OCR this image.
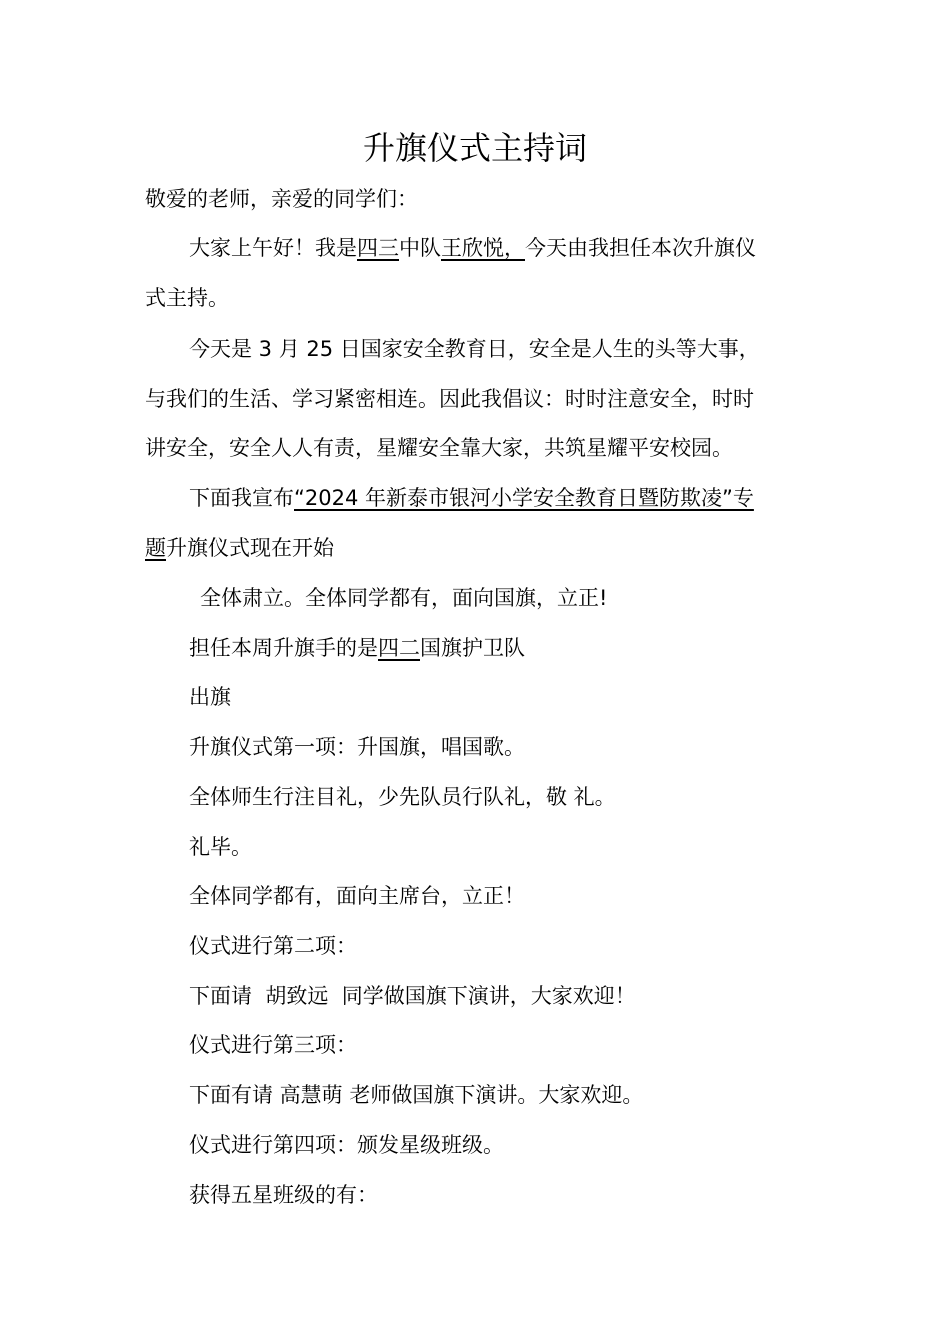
升旗仪式主持词
敬爱的老师，亲爱的同学们：
大家上午好！我是四三中队王欣悦，今天由我担任本次升旗仪
式主持。
今天是 3 月 25 日国家安全教育日，安全是人生的头等大事，
与我们的生活、学习紧密相连。因此我倡议：时时注意安全，时时
讲安全，安全人人有责，星耀安全靠大家，共筑星耀平安校园。
下面我宣布“2024 年新泰市银河小学安全教育日暨防欺凌”专
题升旗仪式现在开始
全体肃立。全体同学都有，面向国旗，立正!
担任本周升旗手的是四二国旗护卫队
出旗
升旗仪式第一项：升国旗，唱国歌。
全体师生行注目礼，少先队员行队礼，敬 礼。
礼毕。
全体同学都有，面向主席台，立正！
仪式进行第二项：
下面请  胡致远  同学做国旗下演讲，大家欢迎！
仪式进行第三项：
下面有请 高慧萌 老师做国旗下演讲。大家欢迎。
仪式进行第四项：颁发星级班级。
获得五星班级的有：
